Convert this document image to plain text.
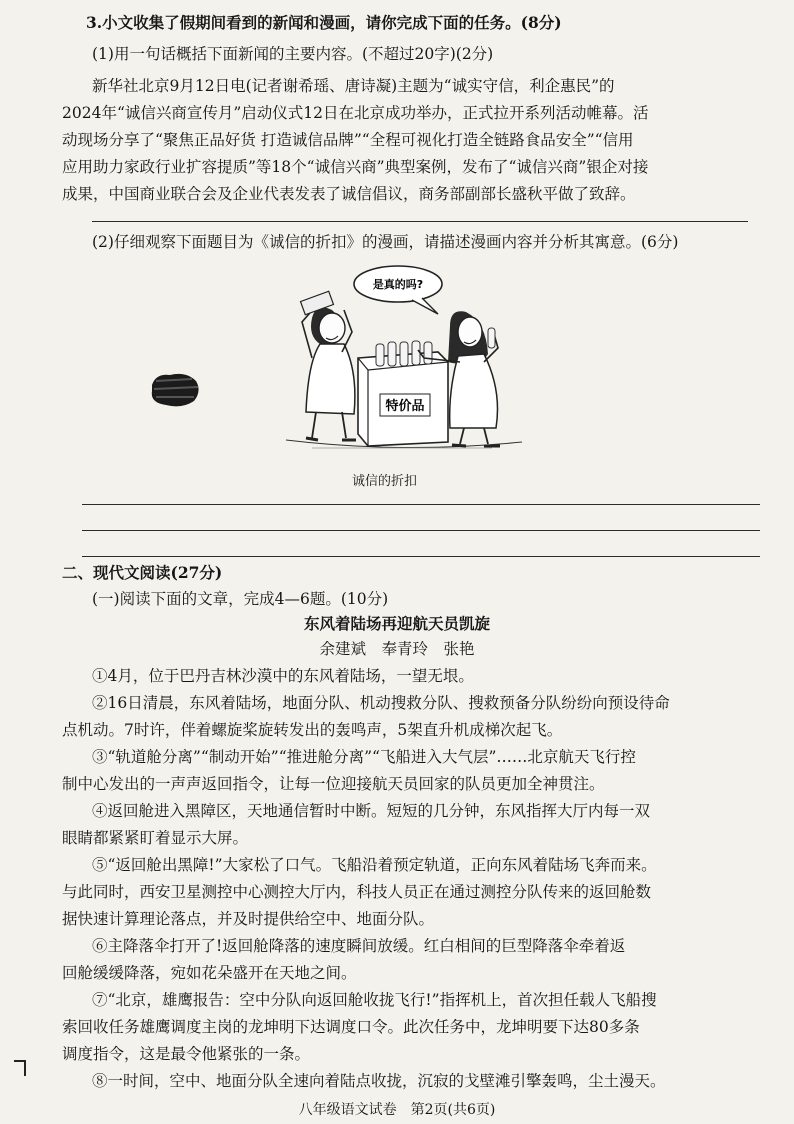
3.小文收集了假期间看到的新闻和漫画，请你完成下面的任务。(8分)
(1)用一句话概括下面新闻的主要内容。(不超过20字)(2分)
新华社北京9月12日电(记者谢希瑶、唐诗凝)主题为“诚实守信，利企惠民”的
2024年“诚信兴商宣传月”启动仪式12日在北京成功举办，正式拉开系列活动帷幕。活
动现场分享了“聚焦正品好货 打造诚信品牌”“全程可视化打造全链路食品安全”“信用
应用助力家政行业扩容提质”等18个“诚信兴商”典型案例，发布了“诚信兴商”银企对接
成果，中国商业联合会及企业代表发表了诚信倡议，商务部副部长盛秋平做了致辞。
(2)仔细观察下面题目为《诚信的折扣》的漫画，请描述漫画内容并分析其寓意。(6分)
是真的吗?
特价品
诚信的折扣
二、现代文阅读(27分)
(一)阅读下面的文章，完成4—6题。(10分)
东风着陆场再迎航天员凯旋
余建斌　奉青玲　张艳
①4月，位于巴丹吉林沙漠中的东风着陆场，一望无垠。
②16日清晨，东风着陆场，地面分队、机动搜救分队、搜救预备分队纷纷向预设待命
点机动。7时许，伴着螺旋桨旋转发出的轰鸣声，5架直升机成梯次起飞。
③“轨道舱分离”“制动开始”“推进舱分离”“飞船进入大气层”……北京航天飞行控
制中心发出的一声声返回指令，让每一位迎接航天员回家的队员更加全神贯注。
④返回舱进入黑障区，天地通信暂时中断。短短的几分钟，东风指挥大厅内每一双
眼睛都紧紧盯着显示大屏。
⑤“返回舱出黑障!”大家松了口气。飞船沿着预定轨道，正向东风着陆场飞奔而来。
与此同时，西安卫星测控中心测控大厅内，科技人员正在通过测控分队传来的返回舱数
据快速计算理论落点，并及时提供给空中、地面分队。
⑥主降落伞打开了!返回舱降落的速度瞬间放缓。红白相间的巨型降落伞牵着返
回舱缓缓降落，宛如花朵盛开在天地之间。
⑦“北京，雄鹰报告：空中分队向返回舱收拢飞行!”指挥机上，首次担任载人飞船搜
索回收任务雄鹰调度主岗的龙坤明下达调度口令。此次任务中，龙坤明要下达80多条
调度指令，这是最令他紧张的一条。
⑧一时间，空中、地面分队全速向着陆点收拢，沉寂的戈壁滩引擎轰鸣，尘土漫天。
八年级语文试卷　第2页(共6页)
